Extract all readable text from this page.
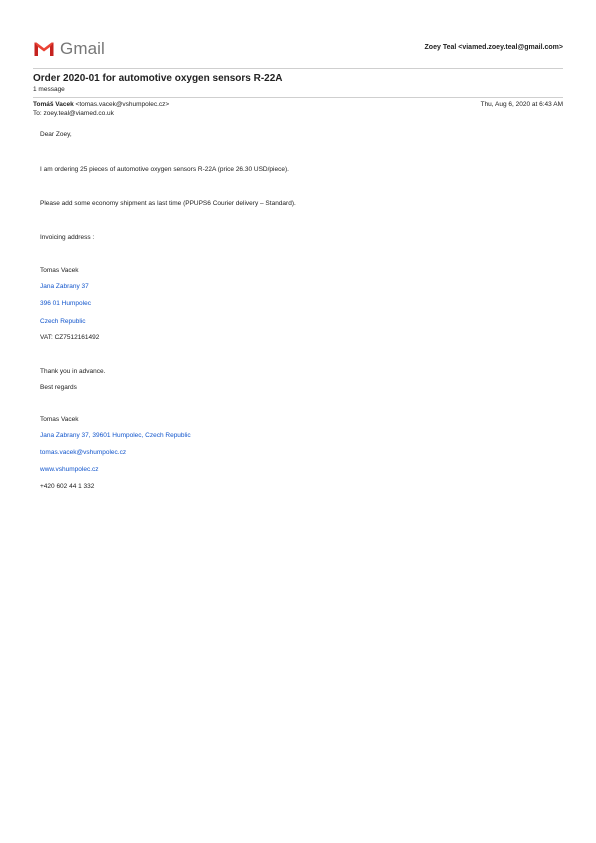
Gmail	Zoey Teal <viamed.zoey.teal@gmail.com>
Order 2020-01 for automotive oxygen sensors R-22A
1 message
Tomáš Vacek <tomas.vacek@vshumpolec.cz>	Thu, Aug 6, 2020 at 6:43 AM
To: zoey.teal@viamed.co.uk
Dear Zoey,
I am ordering 25 pieces of automotive oxygen sensors R-22A (price 26.30 USD/piece).
Please add some economy shipment as last time (PPUPS6 Courier delivery – Standard).
Invoicing address :
Tomas Vacek
Jana Zabrany 37
396 01 Humpolec
Czech Republic
VAT: CZ7512161492
Thank you in advance.
Best regards
Tomas Vacek
Jana Zabrany 37, 39601 Humpolec, Czech Republic
tomas.vacek@vshumpolec.cz
www.vshumpolec.cz
+420 602 44 1 332
